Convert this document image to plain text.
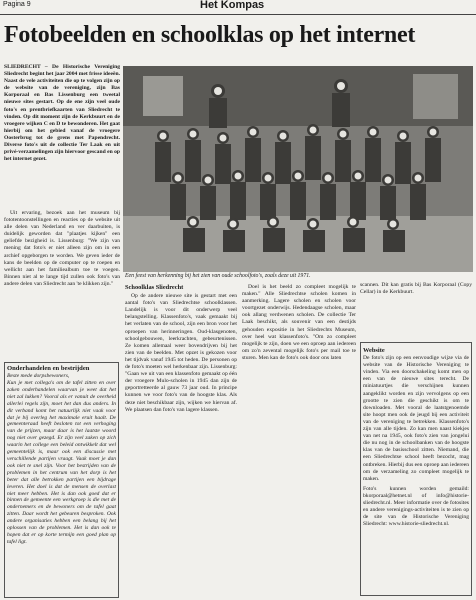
Pagina 9	Het Kompas
Fotobeelden en schoolklas op het internet
SLIEDRECHT – De Historische Vereniging Sliedrecht begint het jaar 2004 met frisse ideeën. Naast de vele activiteiten die op te volgen zijn op de website van de vereniging, zijn Bas Korporaal en Bas Lissenburg een tweetal nieuwe sites gestart. Op de ene zijn veel oude foto's en prentbriefkaarten van Sliedrecht te vinden. Op dit moment zijn de Kerkbuurt en de vroegere wijken C en D te bewonderen. Het gaat hierbij om het gebied vanaf de vroegere Oosterbrug tot de grens met Papendrecht. Diverse foto's uit de collectie Ter Laak en uit privé-verzamelingen zijn hiervoor gescand en op het internet gezet.

Uit ervaring, bezoek aan het museum bij fototentoonstellingen en reacties op de website uit alle delen van Nederland en ver daarbuiten, is duidelijk geworden dat "plaatjes kijken" een geliefde bezigheid is. Lissenburg: "We zijn van mening dat foto's er niet alleen zijn om in een archief opgeborgen te worden. We geven ieder de kans de beelden op de computer op te roepen en wellicht aan het familiealbum toe te voegen. Binnen niet al te lange tijd zullen ook foto's van andere delen van Sliedrecht aan 'te klikken zijn."

Een feest van herkenning bij het zien van oude schoolfoto's, zoals deze uit 1971.

Schoolklas Sliedrecht

Op de andere nieuwe site is gestart met een aantal foto's van Sliedrechtse schoolklassen. Landelijk is voor dit onderwerp veel belangstelling. Klassenfoto's, vaak gemaakt bij het verlaten van de school, zijn een bron voor het oproepen van herinneringen. Oud-klasgenoten, schoolgebouwen, leerkrachten, gebeurtenissen. Ze komen allemaal weer bovendrijven bij het zien van de beelden. Met opzet is gekozen voor het tijdvak vanaf 1945 tot heden. De personen op de foto's moeten wel herkenbaar zijn. Lissenburg: "Gaan we uit van een klassenfoto gemaakt op één der vroegere Mulo-scholen in 1945 dan zijn de geportretteerde al gauw 73 jaar oud. In principe kunnen we voor foto's van de hoogste klas. Als deze niet beschikbaar zijn, wijken we hiervan af. We plaatsen dan foto's van lagere klassen.

Doel is het beeld zo compleet mogelijk te maken." Alle Sliedrechtse scholen komen in aanmerking. Lagere scholen en scholen voor voortgezet onderwijs. Hedendaagse scholen, maar ook allang verdwenen scholen. De collectie Ter Laak beschikt, als souvenir van een destijds gehouden expositie in het Sliedrechts Museum, over heel wat klassenfoto's. "Om zo compleet mogelijk te zijn, doen we een oproep aan iedereen om zo'n zevental mogelijk foto's per mail toe te sturen. Men kan de foto's ook door ons laten

scannen. Dit kan gratis bij Bas Korporaal (Copy Cellar) in de Kerkbuurt.

Website

De foto's zijn op een eenvoudige wijze via de website van de Historische Vereniging te vinden. Via een doorschakeling komt men op een van de nieuwe sites terecht. De miniatuurtjes die verschijnen kunnen aangeklikt worden en zijn vervolgens op een grootte te zien die geschikt is om te downloaden. Met vooral de laatstgenoemde site hoopt men ook de jeugd bij een activiteit van de vereniging te betrekken. Klassenfoto's zijn van alle tijden. Zo kan men naast kiekjes van net na 1945, ook foto's zien van jongelui die nu nog in de schoolbanken van de hoogste klas van de basisschool zitten. Niemand, die een Sliedrechtse school heeft bezocht, mag ontbreken. Hierbij dus een oproep aan iedereen om de verzameling zo compleet mogelijk te maken.

Foto's kunnen worden gemaild: bkorporaal@hetnet.nl of info@historie-sliedrecht.nl. Meer informatie over de fotosites en andere verenigings-activiteiten is te zien op de site van de Historische Vereniging Sliedrecht: www.historie-sliedrecht.nl.

Onderhandelen en bestrijden
Beste mede dorpsbewoners,
Kun je met collega's om de tafel zitten en over zaken onderhandelen waarvan je weet dat het niet zal lukken? Vooral als er vanuit de overheid allerlei regels zijn, moet het dan dus anders. In dit verband komt het natuurlijk niet vaak voor dat je bij overleg het maximale eruit haalt. De gemeenteraad heeft besloten tot een verhoging van de prijzen, maar daar is het laatste woord nog niet over gezegd. Er zijn veel zaken op zich waarin het college een beleid ontwikkelt dat wel gemeentelijk is, maar ook een discussie met verschillende partijen vraagt. Vaak moet je dan ook niet te snel zijn. Voor het bestrijden van de problemen in het centrum van het dorp is het beter dat alle betrokken partijen een bijdrage leveren. Het doel is dat de mensen de overlast niet meer hebben. Het is dan ook goed dat er binnen de gemeente een werkgroep is die met de ondernemers en de bewoners om de tafel gaat zitten. Daar wordt het gebeuren besproken. Ook andere organisaties hebben een belang bij het oplossen van de problemen. Het is dan ook te hopen dat er op korte termijn een goed plan op tafel ligt.
